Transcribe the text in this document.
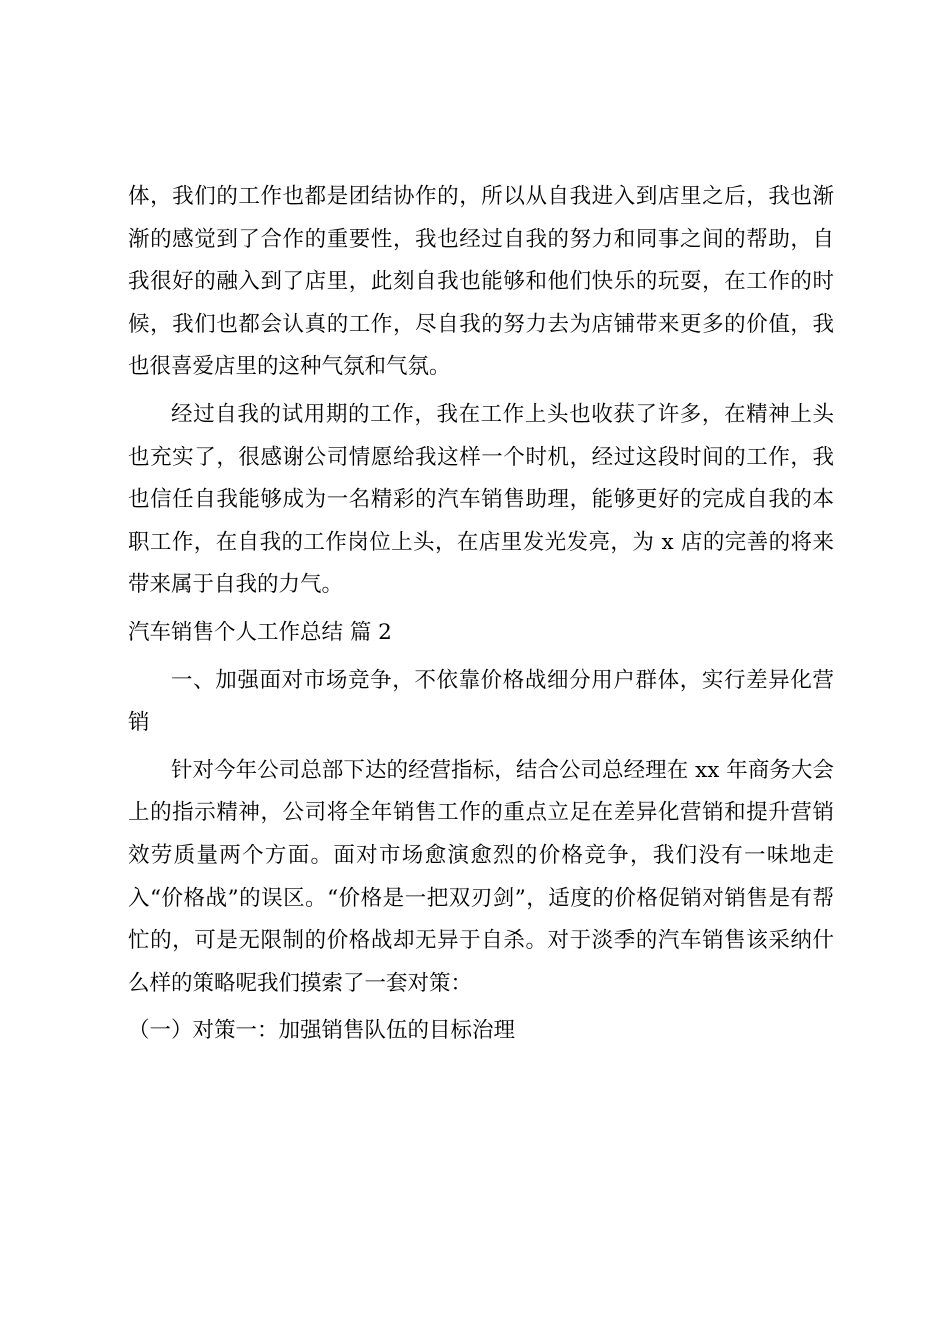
体，我们的工作也都是团结协作的，所以从自我进入到店里之后，我也渐渐的感觉到了合作的重要性，我也经过自我的努力和同事之间的帮助，自我很好的融入到了店里，此刻自我也能够和他们快乐的玩耍，在工作的时候，我们也都会认真的工作，尽自我的努力去为店铺带来更多的价值，我也很喜爱店里的这种气氛和气氛。

经过自我的试用期的工作，我在工作上头也收获了许多，在精神上头也充实了，很感谢公司情愿给我这样一个时机，经过这段时间的工作，我也信任自我能够成为一名精彩的汽车销售助理，能够更好的完成自我的本职工作，在自我的工作岗位上头，在店里发光发亮，为 x 店的完善的将来带来属于自我的力气。

汽车销售个人工作总结 篇 2

一、加强面对市场竞争，不依靠价格战细分用户群体，实行差异化营销

针对今年公司总部下达的经营指标，结合公司总经理在 xx 年商务大会上的指示精神，公司将全年销售工作的重点立足在差异化营销和提升营销效劳质量两个方面。面对市场愈演愈烈的价格竞争，我们没有一味地走入“价格战”的误区。“价格是一把双刃剑”，适度的价格促销对销售是有帮忙的，可是无限制的价格战却无异于自杀。对于淡季的汽车销售该采纳什么样的策略呢我们摸索了一套对策：

（一）对策一：加强销售队伍的目标治理
